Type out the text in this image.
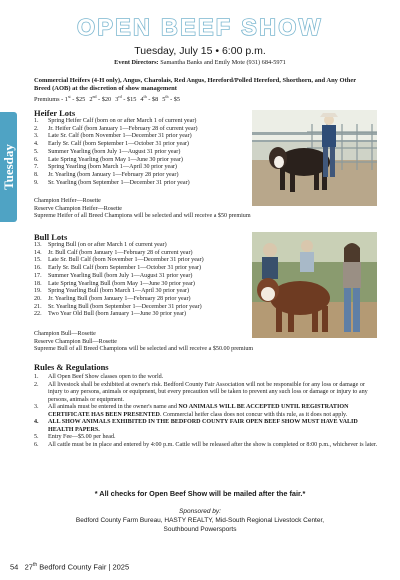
OPEN BEEF SHOW
Tuesday, July 15 • 6:00 p.m.
Event Directors: Samantha Banks and Emily Mote (931) 684-5971
Tuesday
Commercial Heifers (4-H only), Angus, Charolais, Red Angus, Hereford/Polled Hereford, Shorthorn, and Any Other Breed (AOB) at the discretion of show management
Premiums - 1st - $25 2nd - $20 3rd - $15 4th - $8 5th - $5
Heifer Lots
1. Spring Heifer Calf (born on or after March 1 of current year)
2. Jr. Heifer Calf (born January 1—February 28 of current year)
3. Late Sr. Calf (born November 1—December 31 prior year)
4. Early Sr. Calf (born September 1—October 31 prior year)
5. Summer Yearling (born July 1—August 31 prior year)
6. Late Spring Yearling (born May 1—June 30 prior year)
7. Spring Yearling (born March 1—April 30 prior year)
8. Jr. Yearling (born January 1—February 28 prior year)
9. Sr. Yearling (born September 1—December 31 prior year)
Champion Heifer—Rosette
Reserve Champion Heifer—Rosette
Supreme Heifer of all Breed Champions will be selected and will receive a $50 premium
Bull Lots
13. Spring Bull (on or after March 1 of current year)
14. Jr. Bull Calf (born January 1—February 28 of current year)
15. Late Sr. Bull Calf (born November 1—December 31 prior year)
16. Early Sr. Bull Calf (born September 1—October 31 prior year)
17. Summer Yearling Bull (born July 1—August 31 prior year)
18. Late Spring Yearling Bull (born May 1—June 30 prior year)
19. Spring Yearling Bull (born March 1—April 30 prior year)
20. Jr. Yearling Bull (born January 1—February 28 prior year)
21. Sr. Yearling Bull (born September 1—December 31 prior year)
22. Two Year Old Bull (born January 1—June 30 prior year)
Champion Bull—Rosette
Reserve Champion Bull—Rosette
Supreme Bull of all Breed Champions will be selected and will receive a $50.00 premium
Rules & Regulations
1. All Open Beef Show classes open to the world.
2. All livestock shall be exhibited at owner's risk. Bedford County Fair Association will not be responsible for any loss or damage or injury to any persons, animals or equipment, but every precaution will be taken to prevent any such loss or damage or injury to any persons, animals or equipment.
3. All animals must be entered in the owner's name and NO ANIMALS WILL BE ACCEPTED UNTIL REGISTRATION CERTIFICATE HAS BEEN PRESENTED. Commercial heifer class does not concur with this rule, as it does not apply.
4. ALL SHOW ANIMALS EXHIBITED IN THE BEDFORD COUNTY FAIR OPEN BEEF SHOW MUST HAVE VALID HEALTH PAPERS.
5. Entry Fee—$5.00 per head.
6. All cattle must be in place and entered by 4:00 p.m. Cattle will be released after the show is completed or 8:00 p.m., whichever is later.
* All checks for Open Beef Show will be mailed after the fair.*
Sponsored by:
Bedford County Farm Bureau, HASTY REALTY, Mid-South Regional Livestock Center, Southbound Powersports
54 27th Bedford County Fair | 2025
